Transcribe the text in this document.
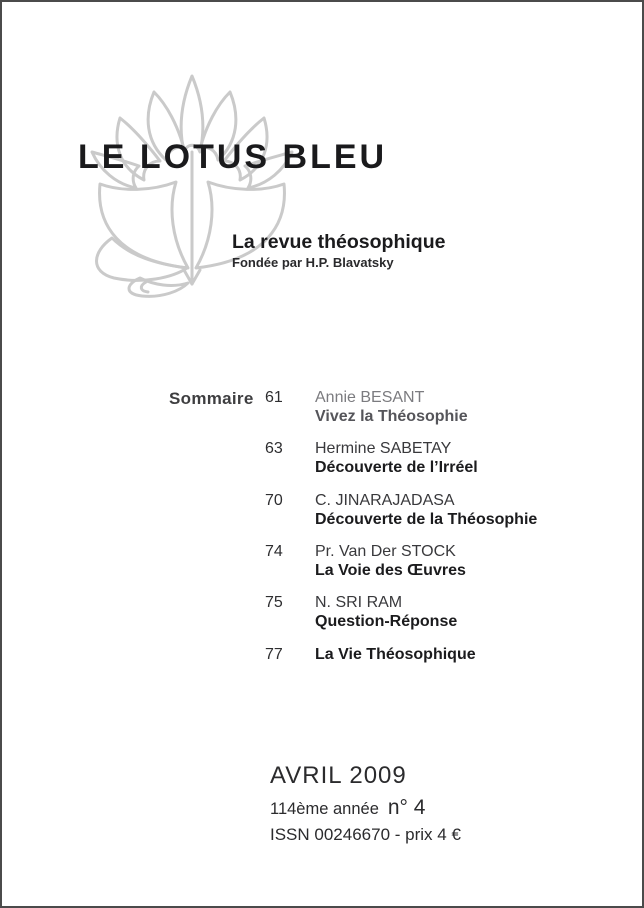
LE LOTUS BLEU
La revue théosophique
Fondée par H.P. Blavatsky
Sommaire 61	Annie BESANT
Vivez la Théosophie
63	Hermine SABETAY
Découverte de l’Irréel
70	C. JINARAJADASA
Découverte de la Théosophie
74	Pr. Van Der STOCK
La Voie des Œuvres
75	N. SRI RAM
Question-Réponse
77	La Vie Théosophique
AVRIL 2009
114ème année n° 4
ISSN 00246670 - prix 4 €
